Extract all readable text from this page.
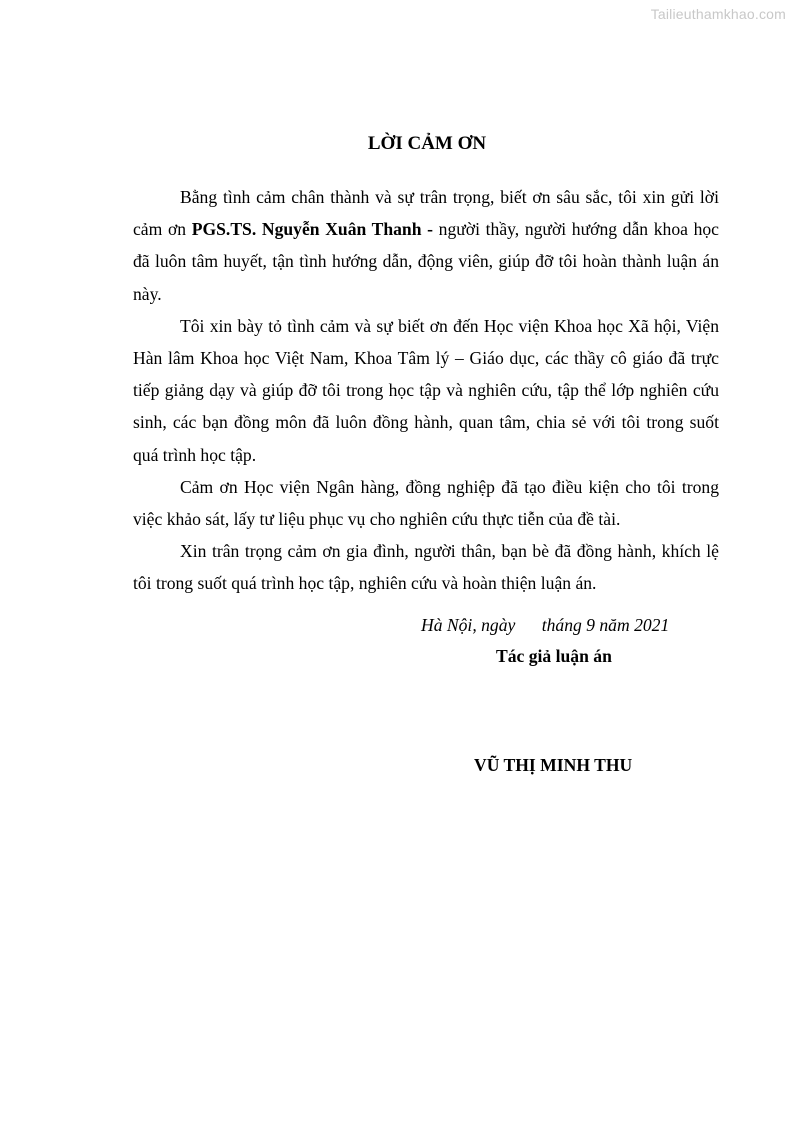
Tailieuthamkhao.com
LỜI CẢM ƠN

Bằng tình cảm chân thành và sự trân trọng, biết ơn sâu sắc, tôi xin gửi lời cảm ơn PGS.TS. Nguyễn Xuân Thanh - người thầy, người hướng dẫn khoa học đã luôn tâm huyết, tận tình hướng dẫn, động viên, giúp đỡ tôi hoàn thành luận án này.

Tôi xin bày tỏ tình cảm và sự biết ơn đến Học viện Khoa học Xã hội, Viện Hàn lâm Khoa học Việt Nam, Khoa Tâm lý – Giáo dục, các thầy cô giáo đã trực tiếp giảng dạy và giúp đỡ tôi trong học tập và nghiên cứu, tập thể lớp nghiên cứu sinh, các bạn đồng môn đã luôn đồng hành, quan tâm, chia sẻ với tôi trong suốt quá trình học tập.

Cảm ơn Học viện Ngân hàng, đồng nghiệp đã tạo điều kiện cho tôi trong việc khảo sát, lấy tư liệu phục vụ cho nghiên cứu thực tiễn của đề tài.

Xin trân trọng cảm ơn gia đình, người thân, bạn bè đã đồng hành, khích lệ tôi trong suốt quá trình học tập, nghiên cứu và hoàn thiện luận án.

Hà Nội, ngày      tháng 9 năm 2021
Tác giả luận án
VŨ THỊ MINH THU
